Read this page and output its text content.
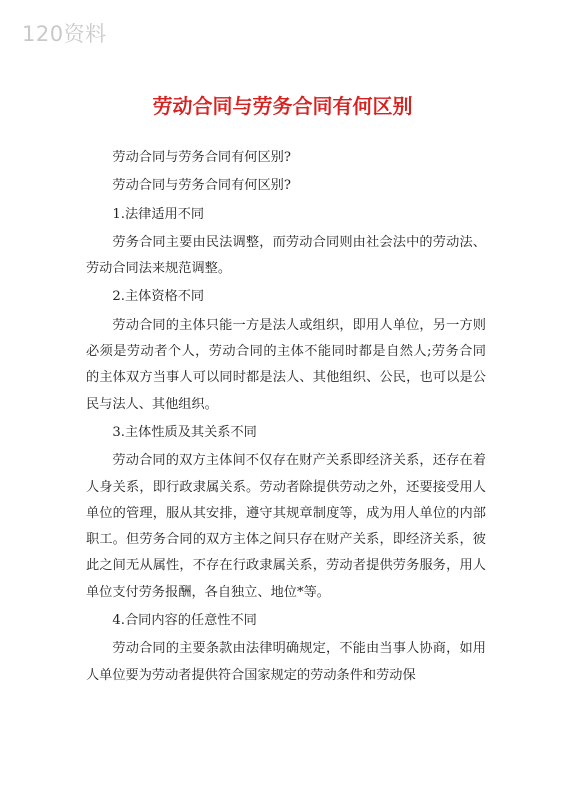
120资料
劳动合同与劳务合同有何区别

劳动合同与劳务合同有何区别?

劳动合同与劳务合同有何区别?

1.法律适用不同

劳务合同主要由民法调整，而劳动合同则由社会法中的劳动法、劳动合同法来规范调整。

2.主体资格不同

劳动合同的主体只能一方是法人或组织，即用人单位，另一方则必须是劳动者个人，劳动合同的主体不能同时都是自然人;劳务合同的主体双方当事人可以同时都是法人、其他组织、公民，也可以是公民与法人、其他组织。

3.主体性质及其关系不同

劳动合同的双方主体间不仅存在财产关系即经济关系，还存在着人身关系，即行政隶属关系。劳动者除提供劳动之外，还要接受用人单位的管理，服从其安排，遵守其规章制度等，成为用人单位的内部职工。但劳务合同的双方主体之间只存在财产关系，即经济关系，彼此之间无从属性，不存在行政隶属关系，劳动者提供劳务服务，用人单位支付劳务报酬，各自独立、地位*等。

4.合同内容的任意性不同

劳动合同的主要条款由法律明确规定，不能由当事人协商，如用人单位要为劳动者提供符合国家规定的劳动条件和劳动保
